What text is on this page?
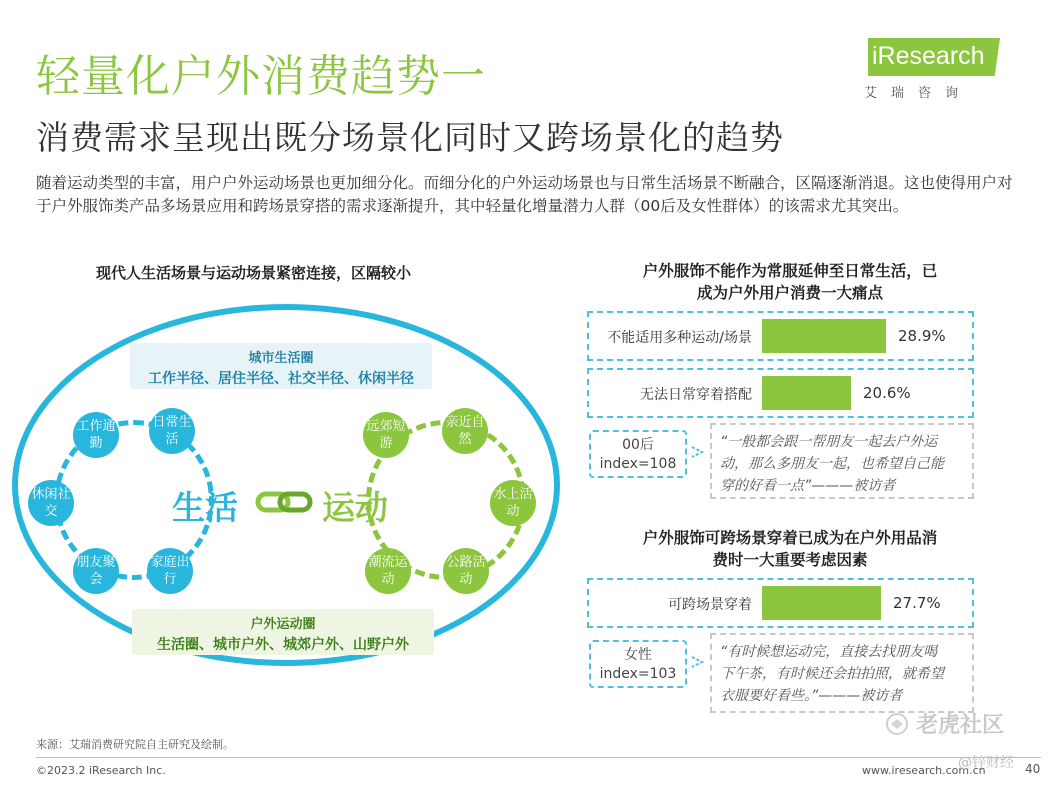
轻量化户外消费趋势一
消费需求呈现出既分场景化同时又跨场景化的趋势
iResearch
艾瑞咨询
随着运动类型的丰富，用户户外运动场景也更加细分化。而细分化的户外运动场景也与日常生活场景不断融合，区隔逐渐消退。这也使得用户对于户外服饰类产品多场景应用和跨场景穿搭的需求逐渐提升，其中轻量化增量潜力人群（00后及女性群体）的该需求尤其突出。
现代人生活场景与运动场景紧密连接，区隔较小
城市生活圈
工作半径、居住半径、社交半径、休闲半径
工作通勤
日常生活
休闲社交
朋友聚会
家庭出行
生活	运动
远郊短游
亲近自然
水上活动
潮流运动
公路活动
户外运动圈
生活圈、城市户外、城郊户外、山野户外
户外服饰不能作为常服延伸至日常生活，已
成为户外用户消费一大痛点
不能适用多种运动/场景	28.9%
无法日常穿着搭配	20.6%
00后
index=108
“一般都会跟一帮朋友一起去户外运
动，那么多朋友一起，也希望自己能
穿的好看一点”———被访者
户外服饰可跨场景穿着已成为在户外用品消
费时一大重要考虑因素
可跨场景穿着	27.7%
女性
index=103
“有时候想运动完，直接去找朋友喝
下午茶，有时候还会拍拍照，就希望
衣服要好看些。”———被访者
来源：艾瑞消费研究院自主研究及绘制。
©2023.2 iResearch Inc.	www.iresearch.com.cn	40
老虎社区
@锌财经
